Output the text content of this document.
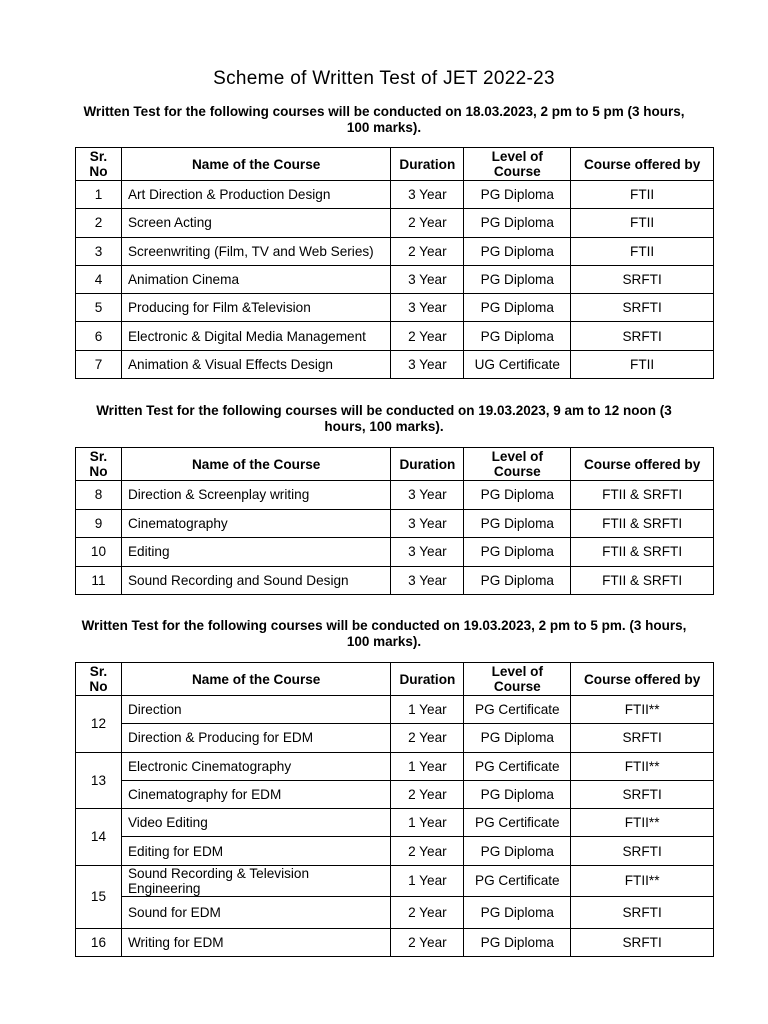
Scheme of Written Test of JET 2022-23
Written Test for the following courses will be conducted on 18.03.2023, 2 pm to 5 pm (3 hours, 100 marks).
Sr. No	Name of the Course	Duration	Level of Course	Course offered by
1	Art Direction & Production Design	3 Year	PG Diploma	FTII
2	Screen Acting	2 Year	PG Diploma	FTII
3	Screenwriting (Film, TV and Web Series)	2 Year	PG Diploma	FTII
4	Animation Cinema	3 Year	PG Diploma	SRFTI
5	Producing for Film &Television	3 Year	PG Diploma	SRFTI
6	Electronic & Digital Media Management	2 Year	PG Diploma	SRFTI
7	Animation & Visual Effects Design	3 Year	UG Certificate	FTII
Written Test for the following courses will be conducted on 19.03.2023, 9 am to 12 noon (3 hours, 100 marks).
Sr. No	Name of the Course	Duration	Level of Course	Course offered by
8	Direction & Screenplay writing	3 Year	PG Diploma	FTII & SRFTI
9	Cinematography	3 Year	PG Diploma	FTII & SRFTI
10	Editing	3 Year	PG Diploma	FTII & SRFTI
11	Sound Recording and Sound Design	3 Year	PG Diploma	FTII & SRFTI
Written Test for the following courses will be conducted on 19.03.2023, 2 pm to 5 pm. (3 hours, 100 marks).
Sr. No	Name of the Course	Duration	Level of Course	Course offered by
12	Direction	1 Year	PG Certificate	FTII**
	Direction & Producing for EDM	2 Year	PG Diploma	SRFTI
13	Electronic Cinematography	1 Year	PG Certificate	FTII**
	Cinematography for EDM	2 Year	PG Diploma	SRFTI
14	Video Editing	1 Year	PG Certificate	FTII**
	Editing for EDM	2 Year	PG Diploma	SRFTI
15	Sound Recording & Television Engineering	1 Year	PG Certificate	FTII**
	Sound for EDM	2 Year	PG Diploma	SRFTI
16	Writing for EDM	2 Year	PG Diploma	SRFTI
